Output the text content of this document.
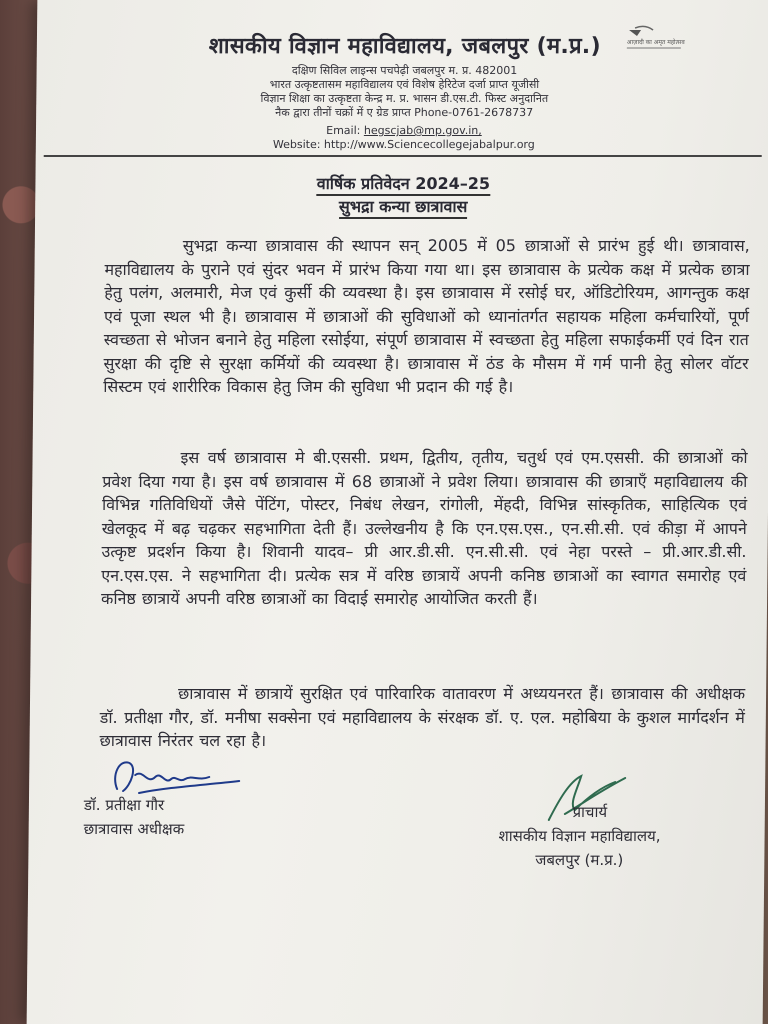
शासकीय विज्ञान महाविद्यालय, जबलपुर (म.प्र.)	आज़ादी का अमृत महोत्सव
दक्षिण सिविल लाइन्स पचपेढ़ी जबलपुर म. प्र. 482001
भारत उत्कृष्टतासम महाविद्यालय एवं विशेष हेरिटेज दर्जा प्राप्त यूजीसी
विज्ञान शिक्षा का उत्कृष्टता केन्द्र म. प्र. भासन डी.एस.टी. फिस्ट अनुदानित
नैक द्वारा तीनों चक्रों में ए ग्रेड प्राप्त Phone-0761-2678737
Email: hegscjab@mp.gov.in,
Website: http://www.Sciencecollegejabalpur.org
वार्षिक प्रतिवेदन 2024–25
सुभद्रा कन्या छात्रावास
सुभद्रा कन्या छात्रावास की स्थापन सन् 2005 में 05 छात्राओं से प्रारंभ हुई थी। छात्रावास, महाविद्यालय के पुराने एवं सुंदर भवन में प्रारंभ किया गया था। इस छात्रावास के प्रत्येक कक्ष में प्रत्येक छात्रा हेतु पलंग, अलमारी, मेज एवं कुर्सी की व्यवस्था है। इस छात्रावास में रसोई घर, ऑडिटोरियम, आगन्तुक कक्ष एवं पूजा स्थल भी है। छात्रावास में छात्राओं की सुविधाओं को ध्यानांतर्गत सहायक महिला कर्मचारियों, पूर्ण स्वच्छता से भोजन बनाने हेतु महिला रसोईया, संपूर्ण छात्रावास में स्वच्छता हेतु महिला सफाईकर्मी एवं दिन रात सुरक्षा की दृष्टि से सुरक्षा कर्मियों की व्यवस्था है। छात्रावास में ठंड के मौसम में गर्म पानी हेतु सोलर वॉटर सिस्टम एवं शारीरिक विकास हेतु जिम की सुविधा भी प्रदान की गई है।
इस वर्ष छात्रावास मे बी.एससी. प्रथम, द्वितीय, तृतीय, चतुर्थ एवं एम.एससी. की छात्राओं को प्रवेश दिया गया है। इस वर्ष छात्रावास में 68 छात्राओं ने प्रवेश लिया। छात्रावास की छात्राएँ महाविद्यालय की विभिन्न गतिविधियों जैसे पेंटिंग, पोस्टर, निबंध लेखन, रांगोली, मेंहदी, विभिन्न सांस्कृतिक, साहित्यिक एवं खेलकूद में बढ़ चढ़कर सहभागिता देती हैं। उल्लेखनीय है कि एन.एस.एस., एन.सी.सी. एवं कीड़ा में आपने उत्कृष्ट प्रदर्शन किया है। शिवानी यादव– प्री आर.डी.सी. एन.सी.सी. एवं नेहा परस्ते – प्री.आर.डी.सी. एन.एस.एस. ने सहभागिता दी। प्रत्येक सत्र में वरिष्ठ छात्रायें अपनी कनिष्ठ छात्राओं का स्वागत समारोह एवं कनिष्ठ छात्रायें अपनी वरिष्ठ छात्राओं का विदाई समारोह आयोजित करती हैं।
छात्रावास में छात्रायें सुरक्षित एवं पारिवारिक वातावरण में अध्ययनरत हैं। छात्रावास की अधीक्षक डॉ. प्रतीक्षा गौर, डॉ. मनीषा सक्सेना एवं महाविद्यालय के संरक्षक डॉ. ए. एल. महोबिया के कुशल मार्गदर्शन में छात्रावास निरंतर चल रहा है।
डॉ. प्रतीक्षा गौर
छात्रावास अधीक्षक
प्राचार्य
शासकीय विज्ञान महाविद्यालय,
जबलपुर (म.प्र.)
